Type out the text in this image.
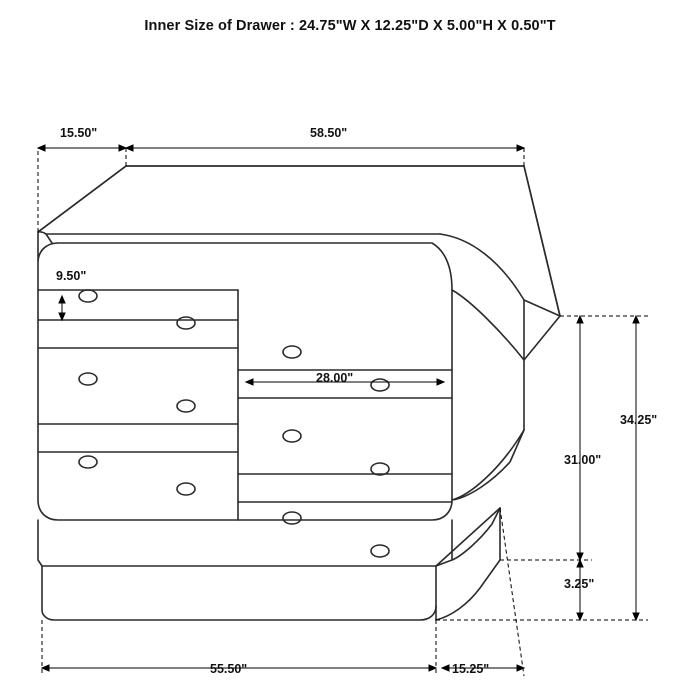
Inner Size of Drawer : 24.75"W X 12.25"D X 5.00"H X 0.50"T
15.50"	58.50"
9.50"
28.00"
34.25"
31.00"
3.25"
55.50"	15.25"
